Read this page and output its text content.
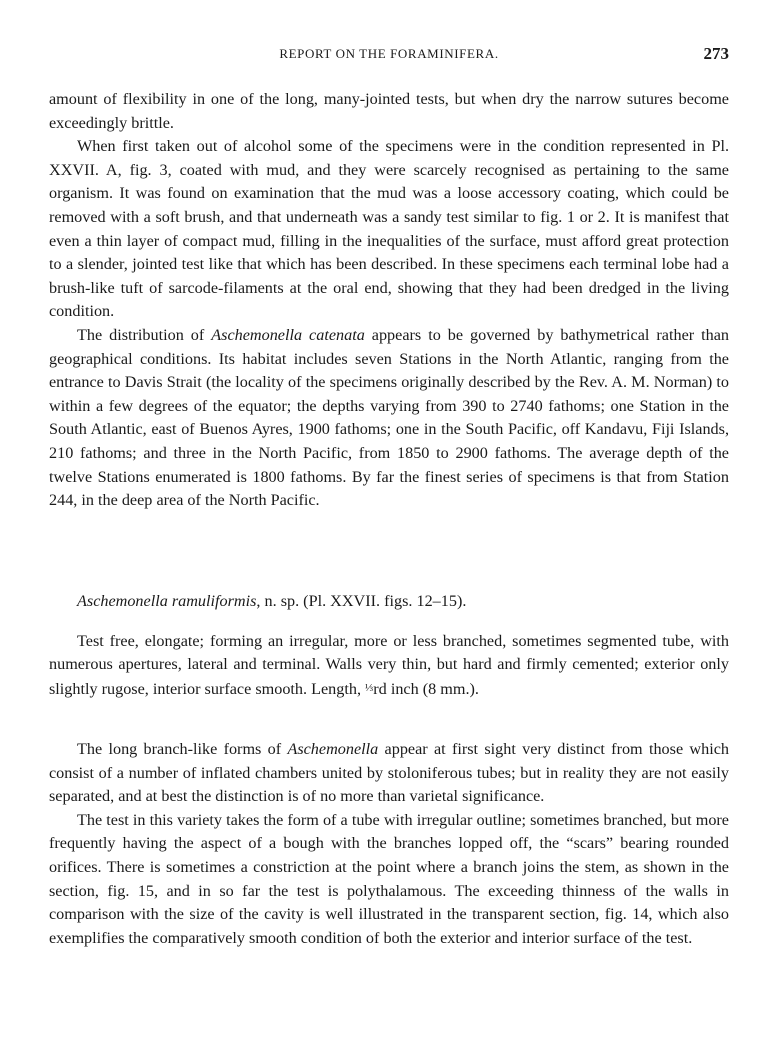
REPORT ON THE FORAMINIFERA.	273

amount of flexibility in one of the long, many-jointed tests, but when dry the narrow sutures become exceedingly brittle.

When first taken out of alcohol some of the specimens were in the condition represented in Pl. XXVII. A, fig. 3, coated with mud, and they were scarcely recognised as pertaining to the same organism. It was found on examination that the mud was a loose accessory coating, which could be removed with a soft brush, and that underneath was a sandy test similar to fig. 1 or 2. It is manifest that even a thin layer of compact mud, filling in the inequalities of the surface, must afford great protection to a slender, jointed test like that which has been described. In these specimens each terminal lobe had a brush-like tuft of sarcode-filaments at the oral end, showing that they had been dredged in the living condition.

The distribution of Aschemonella catenata appears to be governed by bathymetrical rather than geographical conditions. Its habitat includes seven Stations in the North Atlantic, ranging from the entrance to Davis Strait (the locality of the specimens originally described by the Rev. A. M. Norman) to within a few degrees of the equator; the depths varying from 390 to 2740 fathoms; one Station in the South Atlantic, east of Buenos Ayres, 1900 fathoms; one in the South Pacific, off Kandavu, Fiji Islands, 210 fathoms; and three in the North Pacific, from 1850 to 2900 fathoms. The average depth of the twelve Stations enumerated is 1800 fathoms. By far the finest series of specimens is that from Station 244, in the deep area of the North Pacific.

Aschemonella ramuliformis, n. sp. (Pl. XXVII. figs. 12–15).

Test free, elongate; forming an irregular, more or less branched, sometimes segmented tube, with numerous apertures, lateral and terminal. Walls very thin, but hard and firmly cemented; exterior only slightly rugose, interior surface smooth. Length, ⅓rd inch (8 mm.).

The long branch-like forms of Aschemonella appear at first sight very distinct from those which consist of a number of inflated chambers united by stoloniferous tubes; but in reality they are not easily separated, and at best the distinction is of no more than varietal significance.

The test in this variety takes the form of a tube with irregular outline; sometimes branched, but more frequently having the aspect of a bough with the branches lopped off, the “scars” bearing rounded orifices. There is sometimes a constriction at the point where a branch joins the stem, as shown in the section, fig. 15, and in so far the test is polythalamous. The exceeding thinness of the walls in comparison with the size of the cavity is well illustrated in the transparent section, fig. 14, which also exemplifies the comparatively smooth condition of both the exterior and interior surface of the test.
